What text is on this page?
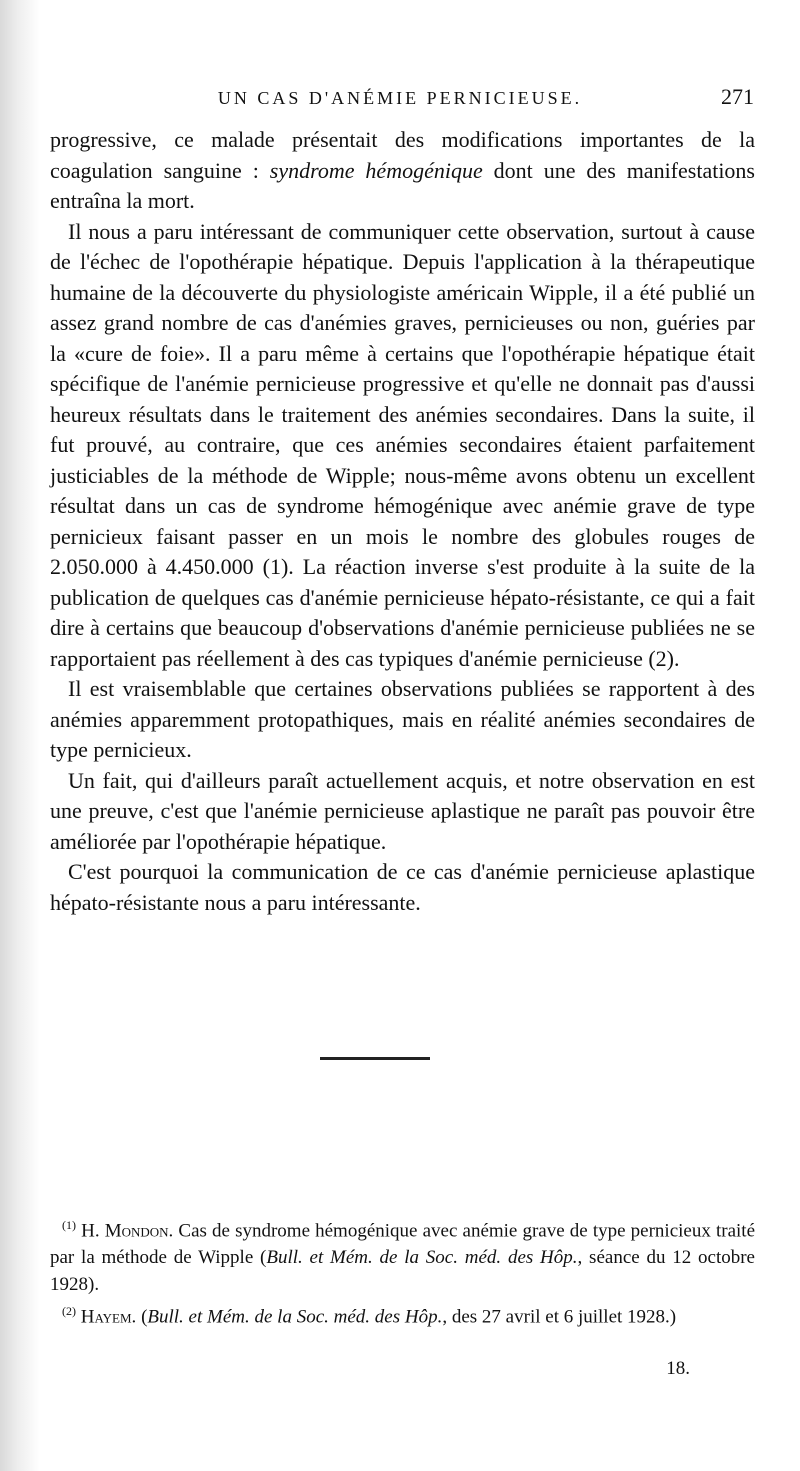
UN CAS D'ANÉMIE PERNICIEUSE.	271

progressive, ce malade présentait des modifications importantes de la coagulation sanguine : syndrome hémogénique dont une des manifestations entraîna la mort.

Il nous a paru intéressant de communiquer cette observation, surtout à cause de l'échec de l'opothérapie hépatique. Depuis l'application à la thérapeutique humaine de la découverte du physiologiste américain Wipple, il a été publié un assez grand nombre de cas d'anémies graves, pernicieuses ou non, guéries par la «cure de foie». Il a paru même à certains que l'opothérapie hépatique était spécifique de l'anémie pernicieuse progressive et qu'elle ne donnait pas d'aussi heureux résultats dans le traitement des anémies secondaires. Dans la suite, il fut prouvé, au contraire, que ces anémies secondaires étaient parfaitement justiciables de la méthode de Wipple; nous-même avons obtenu un excellent résultat dans un cas de syndrome hémogénique avec anémie grave de type pernicieux faisant passer en un mois le nombre des globules rouges de 2.050.000 à 4.450.000 (1). La réaction inverse s'est produite à la suite de la publication de quelques cas d'anémie pernicieuse hépato-résistante, ce qui a fait dire à certains que beaucoup d'observations d'anémie pernicieuse publiées ne se rapportaient pas réellement à des cas typiques d'anémie pernicieuse (2).

Il est vraisemblable que certaines observations publiées se rapportent à des anémies apparemment protopathiques, mais en réalité anémies secondaires de type pernicieux.

Un fait, qui d'ailleurs paraît actuellement acquis, et notre observation en est une preuve, c'est que l'anémie pernicieuse aplastique ne paraît pas pouvoir être améliorée par l'opothérapie hépatique.

C'est pourquoi la communication de ce cas d'anémie pernicieuse aplastique hépato-résistante nous a paru intéressante.

$^{(1)}$ H. Mondon. Cas de syndrome hémogénique avec anémie grave de type pernicieux traité par la méthode de Wipple (Bull. et Mém. de la Soc. méd. des Hôp., séance du 12 octobre 1928).

$^{(2)}$ Hayem. (Bull. et Mém. de la Soc. méd. des Hôp., des 27 avril et 6 juillet 1928.)

18.
